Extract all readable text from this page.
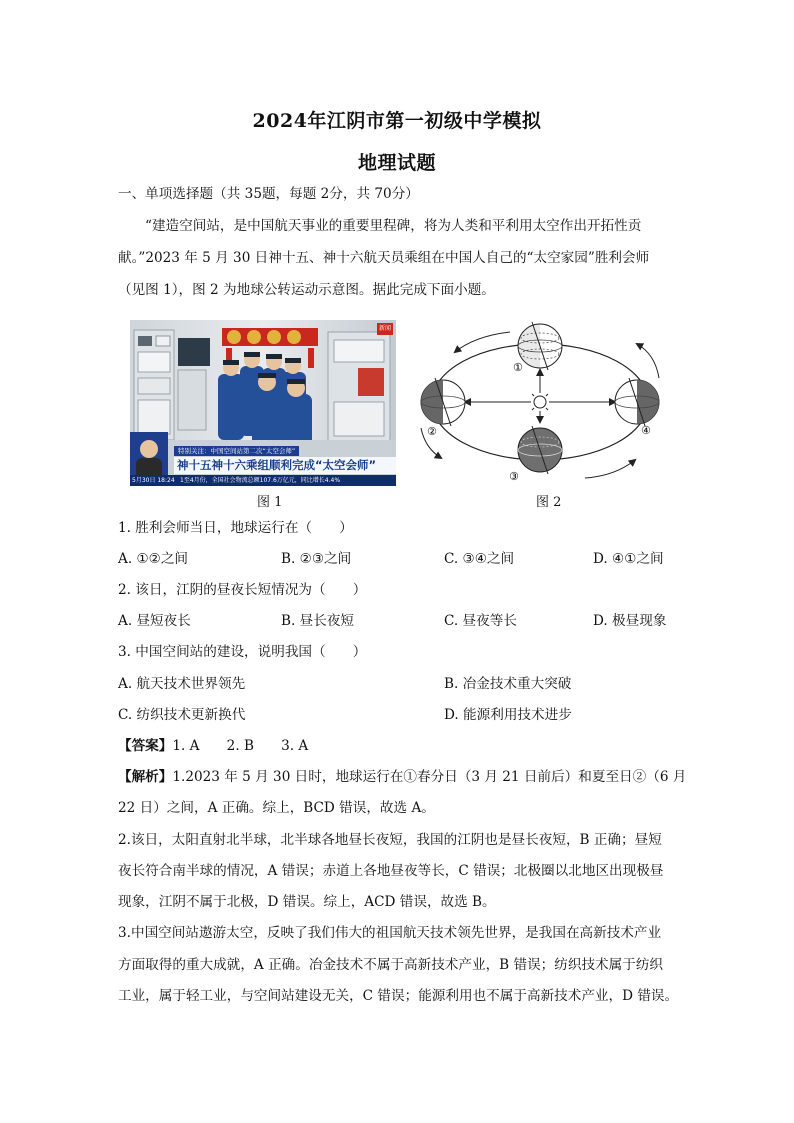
2024年江阴市第一初级中学模拟
地理试题
一、单项选择题（共 35题，每题 2分，共 70分）
“建造空间站，是中国航天事业的重要里程碑，将为人类和平利用太空作出开拓性贡
献。”2023 年 5 月 30 日神十五、神十六航天员乘组在中国人自己的“太空家园”胜利会师
（见图 1），图 2 为地球公转运动示意图。据此完成下面小题。
特别关注：中国空间站第二次“太空会师”
神十五神十六乘组顺利完成“太空会师”
5月30日 18:24 1至4月份，全国社会物流总额107.6万亿元，同比增长4.4%
新闻
图 1
①
②
③
④
图 2
1. 胜利会师当日，地球运行在（　　）
A. ①②之间	B. ②③之间	C. ③④之间	D. ④①之间
2. 该日，江阴的昼夜长短情况为（　　）
A. 昼短夜长	B. 昼长夜短	C. 昼夜等长	D. 极昼现象
3. 中国空间站的建设，说明我国（　　）
A. 航天技术世界领先	B. 冶金技术重大突破
C. 纺织技术更新换代	D. 能源利用技术进步
【答案】1. A　　2. B　　3. A
【解析】1.2023 年 5 月 30 日时，地球运行在①春分日（3 月 21 日前后）和夏至日②（6 月
22 日）之间，A 正确。综上，BCD 错误，故选 A。
2.该日，太阳直射北半球，北半球各地昼长夜短，我国的江阴也是昼长夜短，B 正确；昼短
夜长符合南半球的情况，A 错误；赤道上各地昼夜等长，C 错误；北极圈以北地区出现极昼
现象，江阴不属于北极，D 错误。综上，ACD 错误，故选 B。
3.中国空间站遨游太空，反映了我们伟大的祖国航天技术领先世界，是我国在高新技术产业
方面取得的重大成就，A 正确。冶金技术不属于高新技术产业，B 错误；纺织技术属于纺织
工业，属于轻工业，与空间站建设无关，C 错误；能源利用也不属于高新技术产业，D 错误。
